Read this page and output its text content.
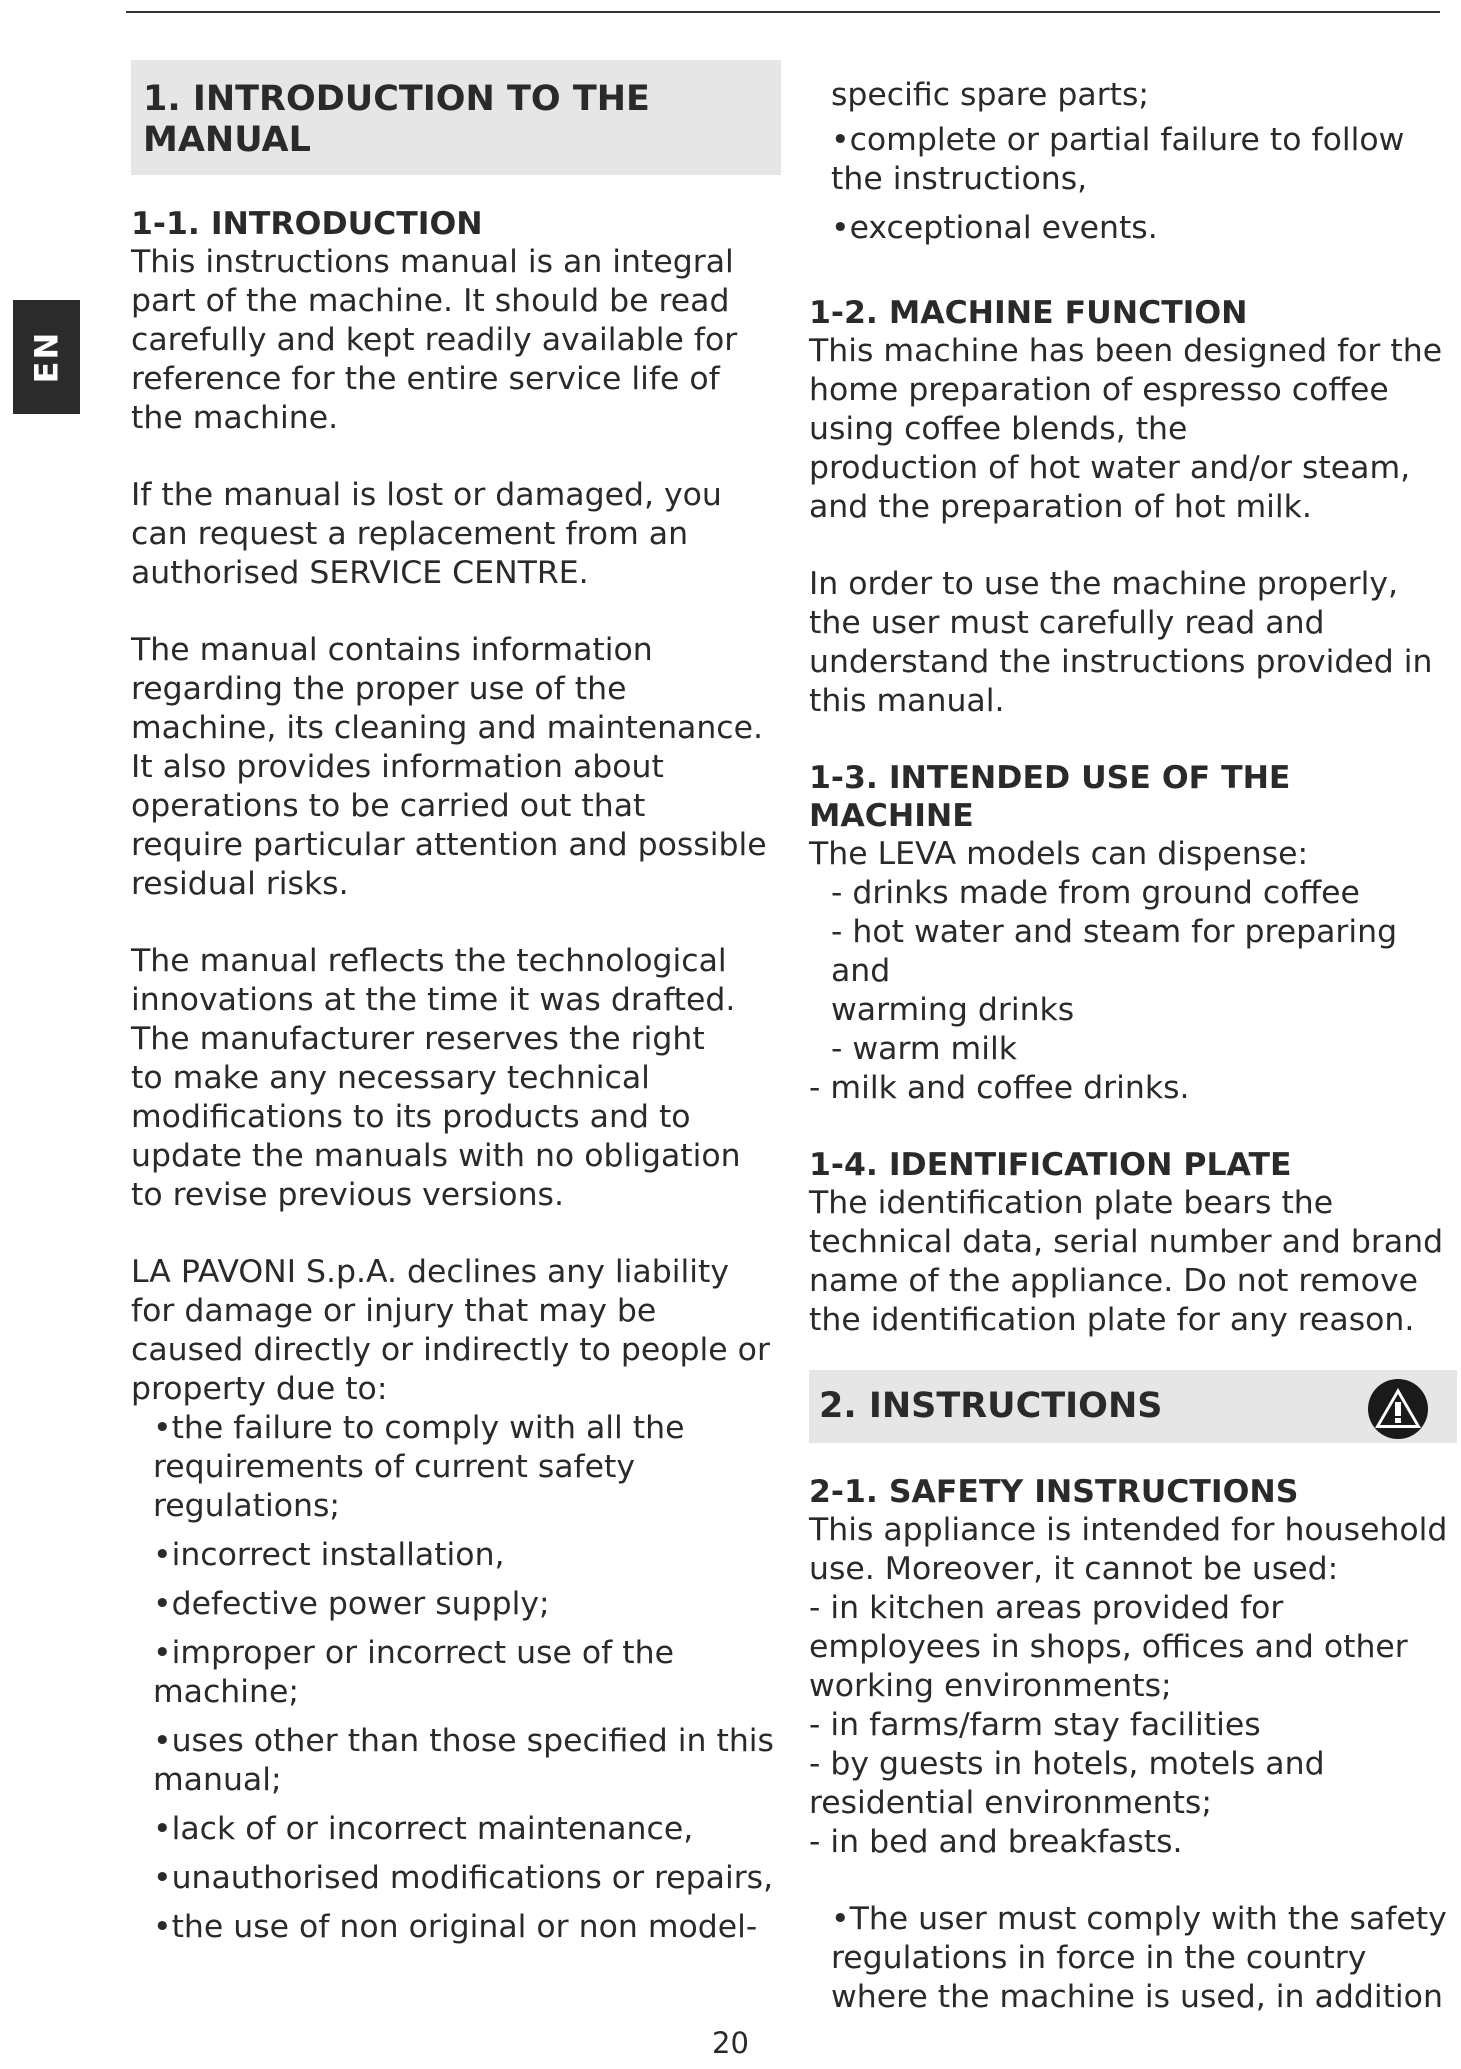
EN
1. INTRODUCTION TO THE
MANUAL
1-1. INTRODUCTION
This instructions manual is an integral
part of the machine. It should be read
carefully and kept readily available for
reference for the entire service life of
the machine.
If the manual is lost or damaged, you
can request a replacement from an
authorised SERVICE CENTRE.
The manual contains information
regarding the proper use of the
machine, its cleaning and maintenance.
It also provides information about
operations to be carried out that
require particular attention and possible
residual risks.
The manual reflects the technological
innovations at the time it was drafted.
The manufacturer reserves the right
to make any necessary technical
modifications to its products and to
update the manuals with no obligation
to revise previous versions.
LA PAVONI S.p.A. declines any liability
for damage or injury that may be
caused directly or indirectly to people or
property due to:
•the failure to comply with all the requirements of current safety regulations;
•incorrect installation,
•defective power supply;
•improper or incorrect use of the machine;
•uses other than those specified in this manual;
•lack of or incorrect maintenance,
•unauthorised modifications or repairs,
•the use of non original or non model-
specific spare parts;
•complete or partial failure to follow the instructions,
•exceptional events.
1-2. MACHINE FUNCTION
This machine has been designed for the
home preparation of espresso coffee
using coffee blends, the
production of hot water and/or steam,
and the preparation of hot milk.
In order to use the machine properly,
the user must carefully read and
understand the instructions provided in
this manual.
1-3. INTENDED USE OF THE MACHINE
The LEVA models can dispense:
- drinks made from ground coffee
- hot water and steam for preparing and
warming drinks
- warm milk
- milk and coffee drinks.
1-4. IDENTIFICATION PLATE
The identification plate bears the
technical data, serial number and brand
name of the appliance. Do not remove
the identification plate for any reason.
2. INSTRUCTIONS
2-1. SAFETY INSTRUCTIONS
This appliance is intended for household
use. Moreover, it cannot be used:
- in kitchen areas provided for
employees in shops, offices and other
working environments;
- in farms/farm stay facilities
- by guests in hotels, motels and
residential environments;
- in bed and breakfasts.
•The user must comply with the safety
regulations in force in the country
where the machine is used, in addition
20
